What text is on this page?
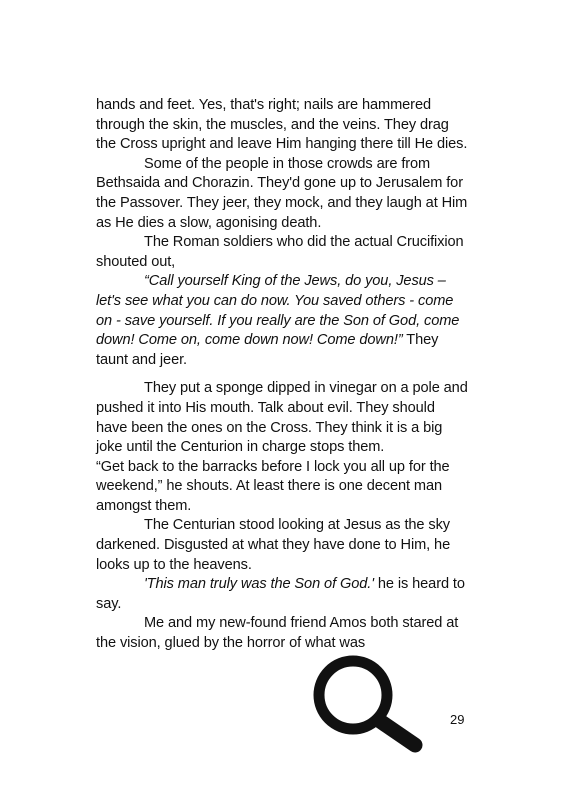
hands and feet. Yes, that's right; nails are hammered through the skin, the muscles, and the veins. They drag the Cross upright and leave Him hanging there till He dies.

Some of the people in those crowds are from Bethsaida and Chorazin. They'd gone up to Jerusalem for the Passover. They jeer, they mock, and they laugh at Him as He dies a slow, agonising death.

The Roman soldiers who did the actual Crucifixion shouted out,

“Call yourself King of the Jews, do you, Jesus – let's see what you can do now. You saved others - come on - save yourself. If you really are the Son of God, come down! Come on, come down now! Come down!” They taunt and jeer.

They put a sponge dipped in vinegar on a pole and pushed it into His mouth. Talk about evil. They should have been the ones on the Cross. They think it is a big joke until the Centurion in charge stops them.

“Get back to the barracks before I lock you all up for the weekend,” he shouts. At least there is one decent man amongst them.

The Centurian stood looking at Jesus as the sky darkened. Disgusted at what they have done to Him, he looks up to the heavens.

'This man truly was the Son of God.' he is heard to say.

Me and my new-found friend Amos both stared at the vision, glued by the horror of what was

29
